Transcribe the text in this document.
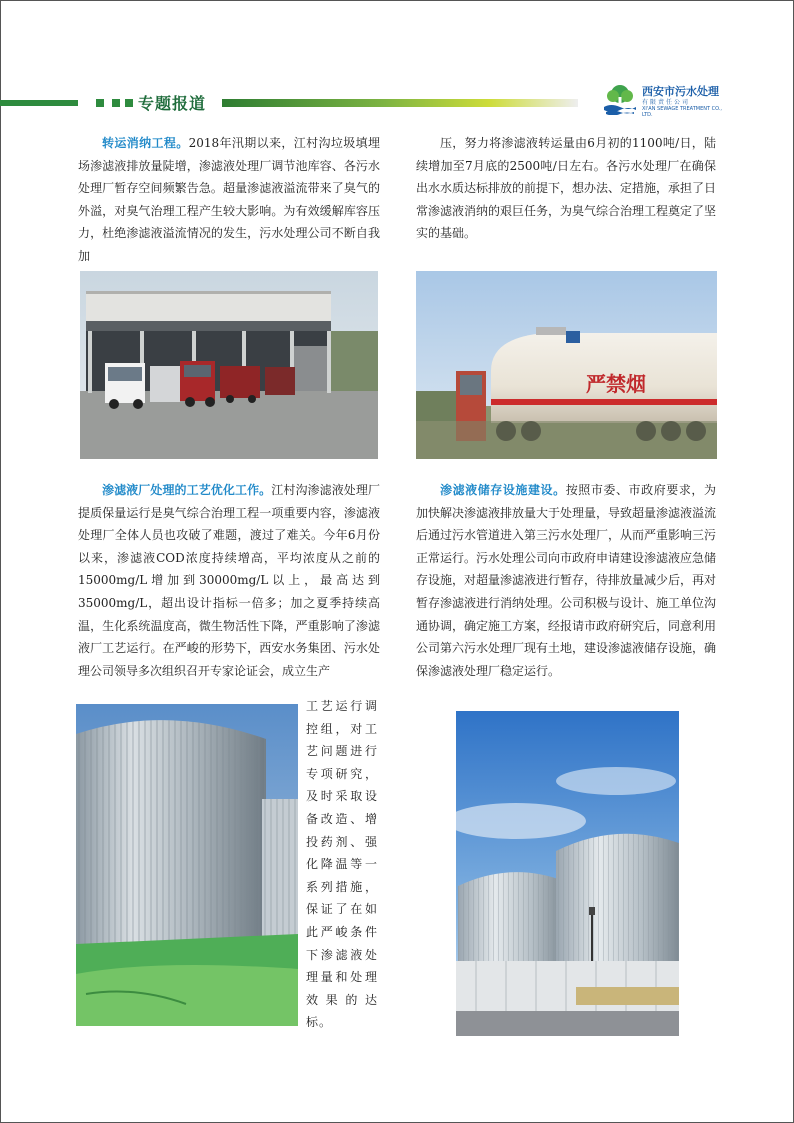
专题报道
西安市污水处理
有限责任公司
XI'AN SEWAGE TREATMENT CO., LTD.

转运消纳工程。2018年汛期以来，江村沟垃圾填埋场渗滤液排放量陡增，渗滤液处理厂调节池库容、各污水处理厂暂存空间频繁告急。超量渗滤液溢流带来了臭气的外溢，对臭气治理工程产生较大影响。为有效缓解库容压力，杜绝渗滤液溢流情况的发生，污水处理公司不断自我加

压，努力将渗滤液转运量由6月初的1100吨/日，陆续增加至7月底的2500吨/日左右。各污水处理厂在确保出水水质达标排放的前提下，想办法、定措施，承担了日常渗滤液消纳的艰巨任务，为臭气综合治理工程奠定了坚实的基础。

严禁烟

渗滤液厂处理的工艺优化工作。江村沟渗滤液处理厂提质保量运行是臭气综合治理工程一项重要内容，渗滤液处理厂全体人员也攻破了难题，渡过了难关。今年6月份以来，渗滤液COD浓度持续增高，平均浓度从之前的15000mg/L增加到30000mg/L以上，最高达到35000mg/L，超出设计指标一倍多；加之夏季持续高温，生化系统温度高，微生物活性下降，严重影响了渗滤液厂工艺运行。在严峻的形势下，西安水务集团、污水处理公司领导多次组织召开专家论证会，成立生产

工艺运行调控组，对工艺问题进行专项研究，及时采取设备改造、增投药剂、强化降温等一系列措施，保证了在如此严峻条件下渗滤液处理量和处理效果的达标。

渗滤液储存设施建设。按照市委、市政府要求，为加快解决渗滤液排放量大于处理量，导致超量渗滤液溢流后通过污水管道进入第三污水处理厂，从而严重影响三污正常运行。污水处理公司向市政府申请建设渗滤液应急储存设施，对超量渗滤液进行暂存，待排放量减少后，再对暂存渗滤液进行消纳处理。公司积极与设计、施工单位沟通协调，确定施工方案，经报请市政府研究后，同意利用公司第六污水处理厂现有土地，建设渗滤液储存设施，确保渗滤液处理厂稳定运行。
